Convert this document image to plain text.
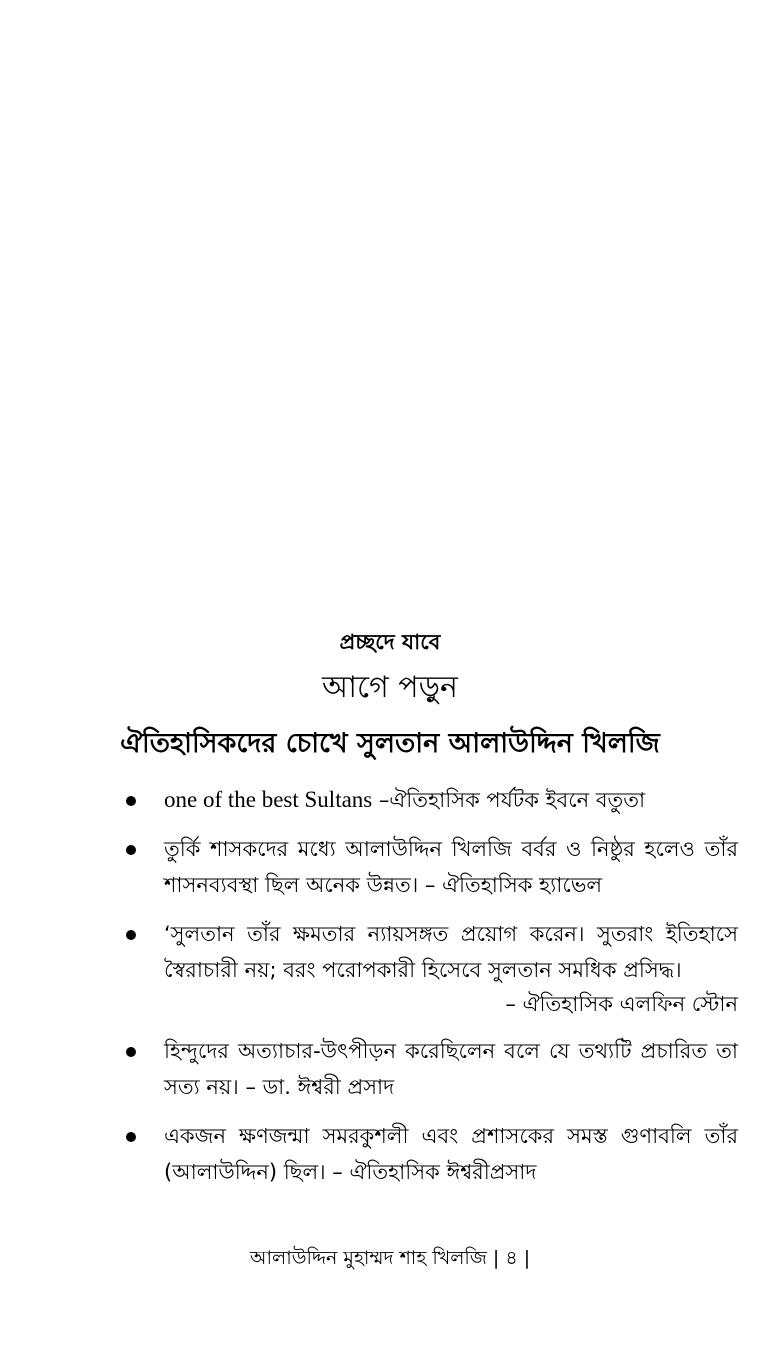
প্রচ্ছদে যাবে
আগে পড়ুন
ঐতিহাসিকদের চোখে সুলতান আলাউদ্দিন খিলজি
one of the best Sultans –ঐতিহাসিক পর্যটক ইবনে বতুতা
তুর্কি শাসকদের মধ্যে আলাউদ্দিন খিলজি বর্বর ও নিষ্ঠুর হলেও তাঁর শাসনব্যবস্থা ছিল অনেক উন্নত। – ঐতিহাসিক হ্যাভেল
‘সুলতান তাঁর ক্ষমতার ন্যায়সঙ্গত প্রয়োগ করেন। সুতরাং ইতিহাসে স্বৈরাচারী নয়; বরং পরোপকারী হিসেবে সুলতান সমধিক প্রসিদ্ধ।
– ঐতিহাসিক এলফিন স্টোন
হিন্দুদের অত্যাচার-উৎপীড়ন করেছিলেন বলে যে তথ্যটি প্রচারিত তা সত্য নয়। – ডা. ঈশ্বরী প্রসাদ
একজন ক্ষণজন্মা সমরকুশলী এবং প্রশাসকের সমস্ত গুণাবলি তাঁর (আলাউদ্দিন) ছিল। – ঐতিহাসিক ঈশ্বরীপ্রসাদ
আলাউদ্দিন মুহাম্মদ শাহ খিলজি | ৪ |
